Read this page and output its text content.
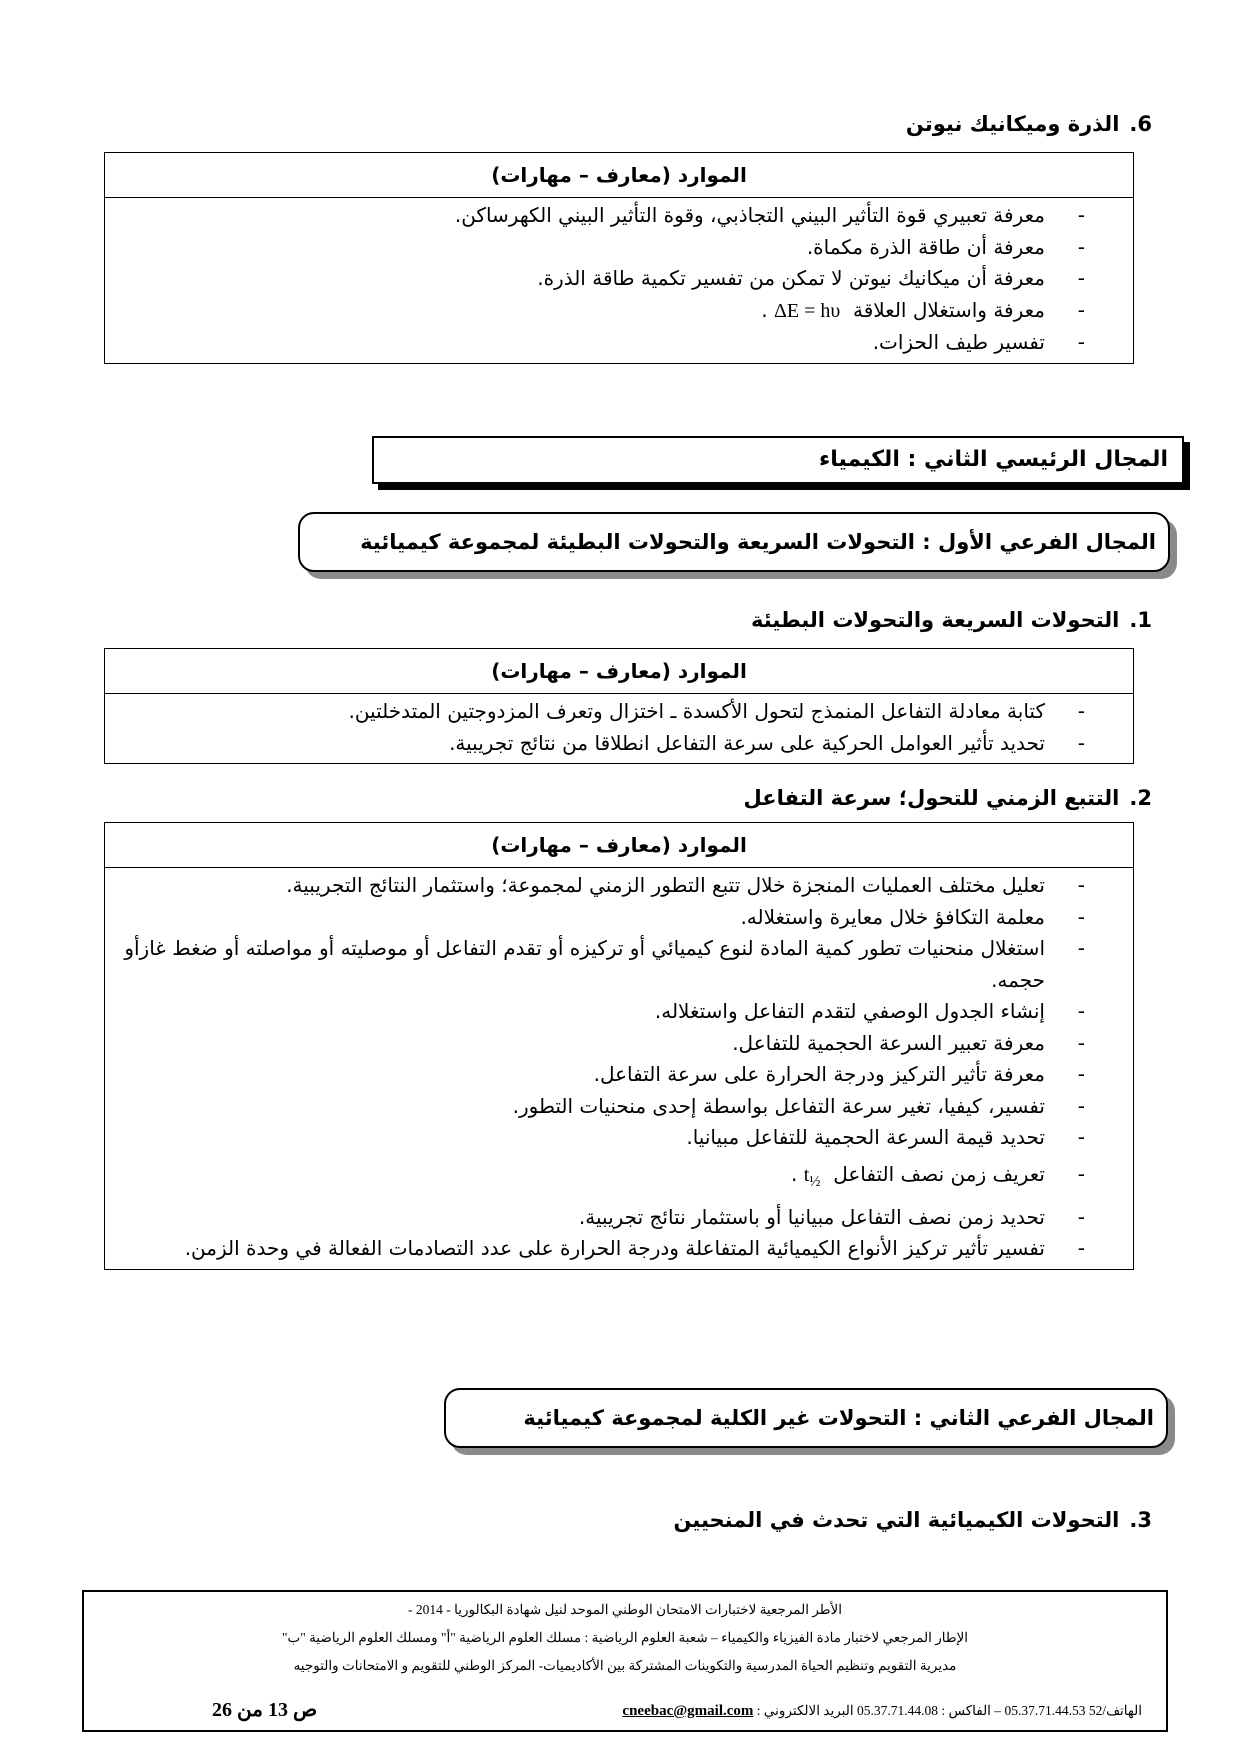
6.الذرة وميكانيك نيوتن
الموارد (معارف – مهارات)
-
معرفة تعبيري قوة التأثير البيني التجاذبي، وقوة التأثير البيني الكهرساكن.
-
معرفة أن طاقة الذرة مكماة.
-
معرفة أن ميكانيك نيوتن لا تمكن من تفسير تكمية طاقة الذرة.
-
معرفة واستغلال العلاقة  ΔE = hυ .
-
تفسير طيف الحزات.
المجال الرئيسي الثاني : الكيمياء
المجال الفرعي الأول : التحولات السريعة والتحولات البطيئة لمجموعة كيميائية
1.التحولات السريعة والتحولات البطيئة
الموارد (معارف – مهارات)
-
كتابة معادلة التفاعل المنمذج لتحول الأكسدة ـ اختزال وتعرف المزدوجتين المتدخلتين.
-
تحديد تأثير العوامل الحركية على سرعة التفاعل انطلاقا من نتائج تجريبية.
2.التتبع الزمني للتحول؛ سرعة التفاعل
الموارد (معارف – مهارات)
-
تعليل مختلف العمليات المنجزة خلال تتبع التطور الزمني لمجموعة؛ واستثمار النتائج التجريبية.
-
معلمة التكافؤ خلال معايرة واستغلاله.
-
استغلال منحنيات تطور كمية المادة لنوع كيميائي أو تركيزه أو تقدم التفاعل أو موصليته أو مواصلته أو ضغط غازأو حجمه.
-
إنشاء الجدول الوصفي لتقدم التفاعل واستغلاله.
-
معرفة تعبير السرعة الحجمية للتفاعل.
-
معرفة تأثير التركيز ودرجة الحرارة على سرعة التفاعل.
-
تفسير، كيفيا، تغير سرعة التفاعل بواسطة إحدى منحنيات التطور.
-
تحديد قيمة السرعة الحجمية للتفاعل مبيانيا.
-
تعريف زمن نصف التفاعل  $t_{\frac{1}{2}}$ .
-
تحديد زمن نصف التفاعل مبيانيا أو باستثمار نتائج تجريبية.
-
تفسير تأثير تركيز الأنواع الكيميائية المتفاعلة ودرجة الحرارة على عدد التصادمات الفعالة في وحدة الزمن.
المجال الفرعي الثاني : التحولات غير الكلية لمجموعة كيميائية
3.التحولات الكيميائية التي تحدث في المنحيين
الأطر المرجعية لاختبارات الامتحان الوطني الموحد لنيل شهادة البكالوريا - 2014 -
الإطار المرجعي لاختبار مادة الفيزياء والكيمياء – شعبة العلوم الرياضية : مسلك العلوم الرياضية "أ" ومسلك العلوم الرياضية "ب"
مديرية التقويم وتنظيم الحياة المدرسية والتكوينات المشتركة بين الأكاديميات- المركز الوطني للتقويم و الامتحانات والتوجيه
الهاتف/52 05.37.71.44.53 – الفاكس : 05.37.71.44.08 البريد الالكتروني : cneebac@gmail.com
ص 13 من 26
